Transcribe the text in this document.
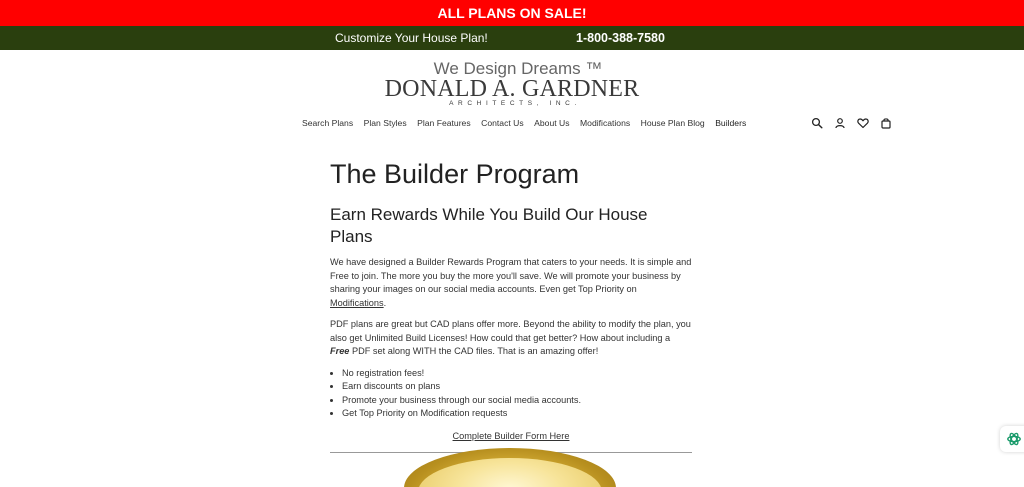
ALL PLANS ON SALE!
Customize Your House Plan!	1-800-388-7580
We Design Dreams ™
DONALD A. GARDNER
ARCHITECTS, INC.
Search Plans Plan Styles Plan Features Contact Us About Us Modifications House Plan Blog Builders
The Builder Program
Earn Rewards While You Build Our House Plans

We have designed a Builder Rewards Program that caters to your needs. It is simple and Free to join. The more you buy the more you'll save. We will promote your business by sharing your images on our social media accounts. Even get Top Priority on Modifications.

PDF plans are great but CAD plans offer more. Beyond the ability to modify the plan, you also get Unlimited Build Licenses! How could that get better? How about including a Free PDF set along WITH the CAD files. That is an amazing offer!

• No registration fees!
• Earn discounts on plans
• Promote your business through our social media accounts.
• Get Top Priority on Modification requests
Complete Builder Form Here
